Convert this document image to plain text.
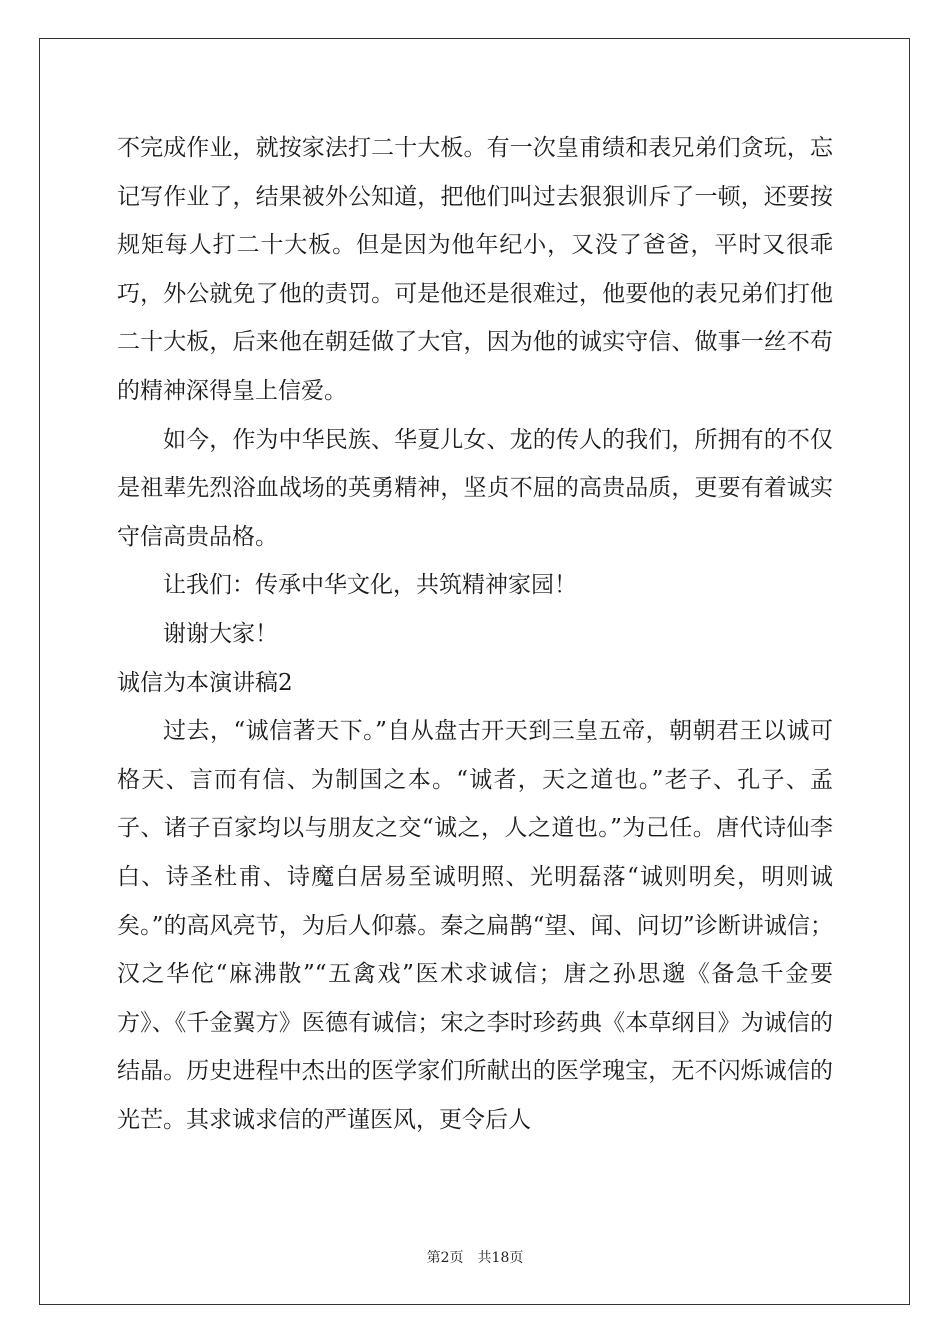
不完成作业，就按家法打二十大板。有一次皇甫绩和表兄弟们贪玩，忘记写作业了，结果被外公知道，把他们叫过去狠狠训斥了一顿，还要按规矩每人打二十大板。但是因为他年纪小，又没了爸爸，平时又很乖巧，外公就免了他的责罚。可是他还是很难过，他要他的表兄弟们打他二十大板，后来他在朝廷做了大官，因为他的诚实守信、做事一丝不苟的精神深得皇上信爱。

如今，作为中华民族、华夏儿女、龙的传人的我们，所拥有的不仅是祖辈先烈浴血战场的英勇精神，坚贞不屈的高贵品质，更要有着诚实守信高贵品格。

让我们：传承中华文化，共筑精神家园！

谢谢大家！

诚信为本演讲稿2

过去，“诚信著天下。”自从盘古开天到三皇五帝，朝朝君王以诚可格天、言而有信、为制国之本。“诚者，天之道也。”老子、孔子、孟子、诸子百家均以与朋友之交“诚之，人之道也。”为己任。唐代诗仙李白、诗圣杜甫、诗魔白居易至诚明照、光明磊落“诚则明矣，明则诚矣。”的高风亮节，为后人仰慕。秦之扁鹊“望、闻、问切”诊断讲诚信；汉之华佗“麻沸散”“五禽戏”医术求诚信；唐之孙思邈《备急千金要方》、《千金翼方》医德有诚信；宋之李时珍药典《本草纲目》为诚信的结晶。历史进程中杰出的医学家们所献出的医学瑰宝，无不闪烁诚信的光芒。其求诚求信的严谨医风，更令后人

第2页 共18页
